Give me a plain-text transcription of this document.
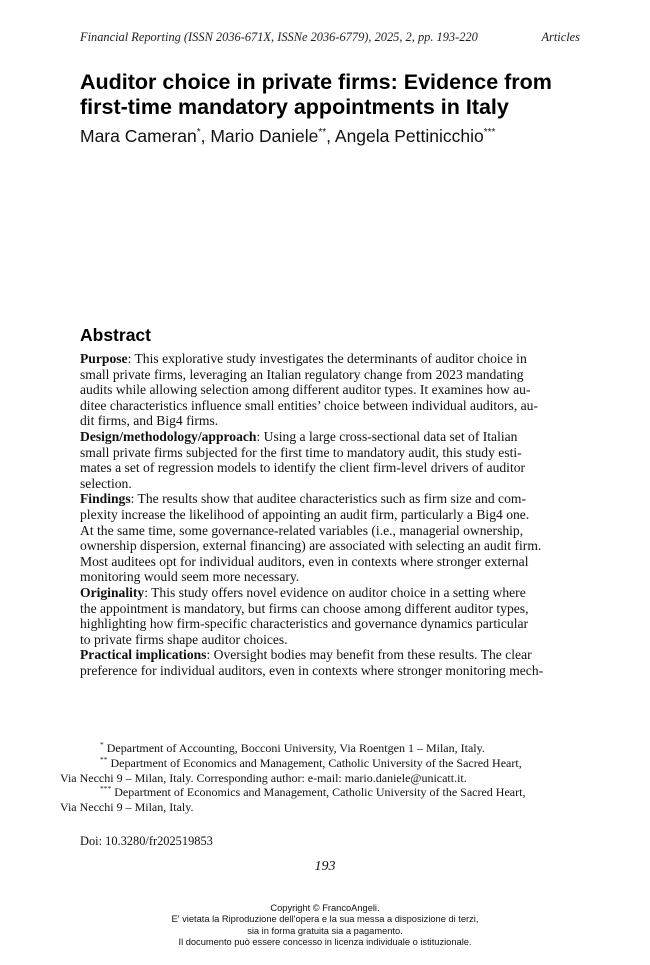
Financial Reporting (ISSN 2036-671X, ISSNe 2036-6779), 2025, 2, pp. 193-220	Articles
Auditor choice in private firms: Evidence from
first-time mandatory appointments in Italy
Mara Cameran*, Mario Daniele**, Angela Pettinicchio***
Abstract

Purpose: This explorative study investigates the determinants of auditor choice in
small private firms, leveraging an Italian regulatory change from 2023 mandating
audits while allowing selection among different auditor types. It examines how au-
ditee characteristics influence small entities’ choice between individual auditors, au-
dit firms, and Big4 firms.

Design/methodology/approach: Using a large cross-sectional data set of Italian
small private firms subjected for the first time to mandatory audit, this study esti-
mates a set of regression models to identify the client firm-level drivers of auditor
selection.

Findings: The results show that auditee characteristics such as firm size and com-
plexity increase the likelihood of appointing an audit firm, particularly a Big4 one.
At the same time, some governance-related variables (i.e., managerial ownership,
ownership dispersion, external financing) are associated with selecting an audit firm.
Most auditees opt for individual auditors, even in contexts where stronger external
monitoring would seem more necessary.

Originality: This study offers novel evidence on auditor choice in a setting where
the appointment is mandatory, but firms can choose among different auditor types,
highlighting how firm-specific characteristics and governance dynamics particular
to private firms shape auditor choices.

Practical implications: Oversight bodies may benefit from these results. The clear
preference for individual auditors, even in contexts where stronger monitoring mech-

* Department of Accounting, Bocconi University, Via Roentgen 1 – Milan, Italy.

** Department of Economics and Management, Catholic University of the Sacred Heart,
Via Necchi 9 – Milan, Italy. Corresponding author: e-mail: mario.daniele@unicatt.it.

*** Department of Economics and Management, Catholic University of the Sacred Heart,
Via Necchi 9 – Milan, Italy.

Doi: 10.3280/fr202519853
193
Copyright © FrancoAngeli.
E' vietata la Riproduzione dell'opera e la sua messa a disposizione di terzi,
sia in forma gratuita sia a pagamento.
Il documento può essere concesso in licenza individuale o istituzionale.
